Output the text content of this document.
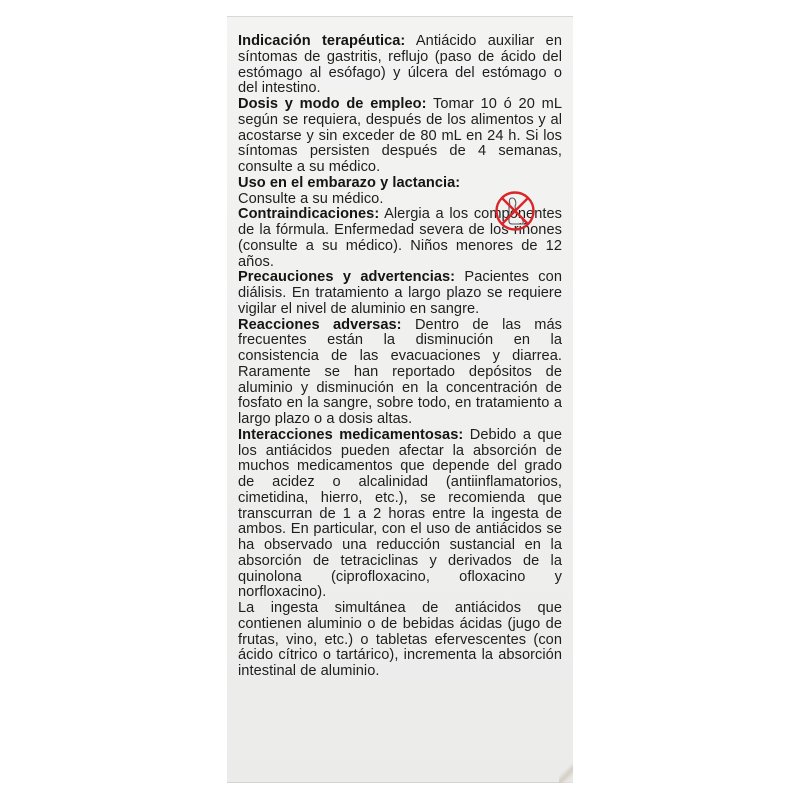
Indicación terapéutica: Antiácido auxiliar en síntomas de gastritis, reflujo (paso de ácido del estómago al esófago) y úlcera del estómago o del intestino.

Dosis y modo de empleo: Tomar 10 ó 20 mL según se requiera, después de los alimentos y al acostarse y sin exceder de 80 mL en 24 h. Si los síntomas persisten después de 4 semanas, consulte a su médico.

Uso en el embarazo y lactancia:

Consulte a su médico.

Contraindicaciones: Alergia a los componentes de la fórmula. Enfermedad severa de los riñones (consulte a su médico). Niños menores de 12 años.

Precauciones y advertencias: Pacientes con diálisis. En tratamiento a largo plazo se requiere vigilar el nivel de aluminio en sangre.

Reacciones adversas: Dentro de las más frecuentes están la disminución en la consistencia de las evacuaciones y diarrea. Raramente se han reportado depósitos de aluminio y disminución en la concentración de fosfato en la sangre, sobre todo, en tratamiento a largo plazo o a dosis altas.

Interacciones medicamentosas: Debido a que los antiácidos pueden afectar la absorción de muchos medicamentos que depende del grado de acidez o alcalinidad (antiinflamatorios, cimetidina, hierro, etc.), se recomienda que transcurran de 1 a 2 horas entre la ingesta de ambos. En particular, con el uso de antiácidos se ha observado una reducción sustancial en la absorción de tetraciclinas y derivados de la quinolona (ciprofloxacino, ofloxacino y norfloxacino).

La ingesta simultánea de antiácidos que contienen aluminio o de bebidas ácidas (jugo de frutas, vino, etc.) o tabletas efervescentes (con ácido cítrico o tartárico), incrementa la absorción intestinal de aluminio.
